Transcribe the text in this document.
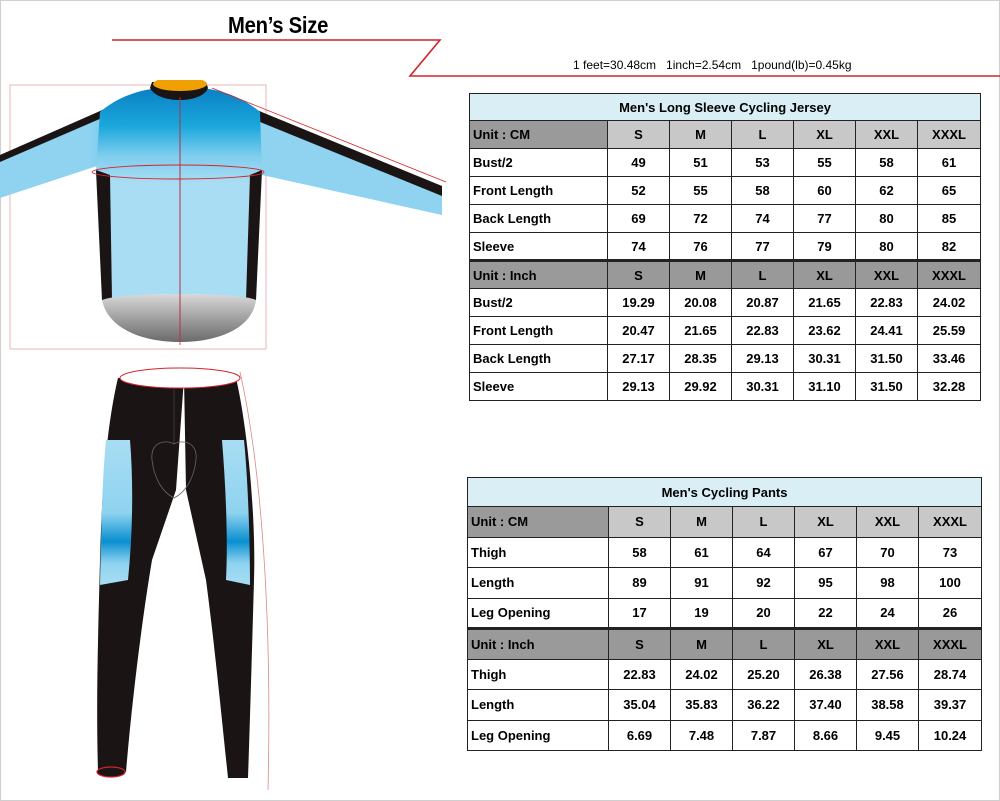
Men’s Size
1 feet=30.48cm   1inch=2.54cm   1pound(lb)=0.45kg
Men's Long Sleeve Cycling Jersey						
Unit : CM	S	M	L	XL	XXL	XXXL
Bust/2	49	51	53	55	58	61
Front Length	52	55	58	60	62	65
Back Length	69	72	74	77	80	85
Sleeve	74	76	77	79	80	82
Unit : Inch	S	M	L	XL	XXL	XXXL
Bust/2	19.29	20.08	20.87	21.65	22.83	24.02
Front Length	20.47	21.65	22.83	23.62	24.41	25.59
Back Length	27.17	28.35	29.13	30.31	31.50	33.46
Sleeve	29.13	29.92	30.31	31.10	31.50	32.28
Men's Cycling Pants						
Unit : CM	S	M	L	XL	XXL	XXXL
Thigh	58	61	64	67	70	73
Length	89	91	92	95	98	100
Leg Opening	17	19	20	22	24	26
Unit : Inch	S	M	L	XL	XXL	XXXL
Thigh	22.83	24.02	25.20	26.38	27.56	28.74
Length	35.04	35.83	36.22	37.40	38.58	39.37
Leg Opening	6.69	7.48	7.87	8.66	9.45	10.24
